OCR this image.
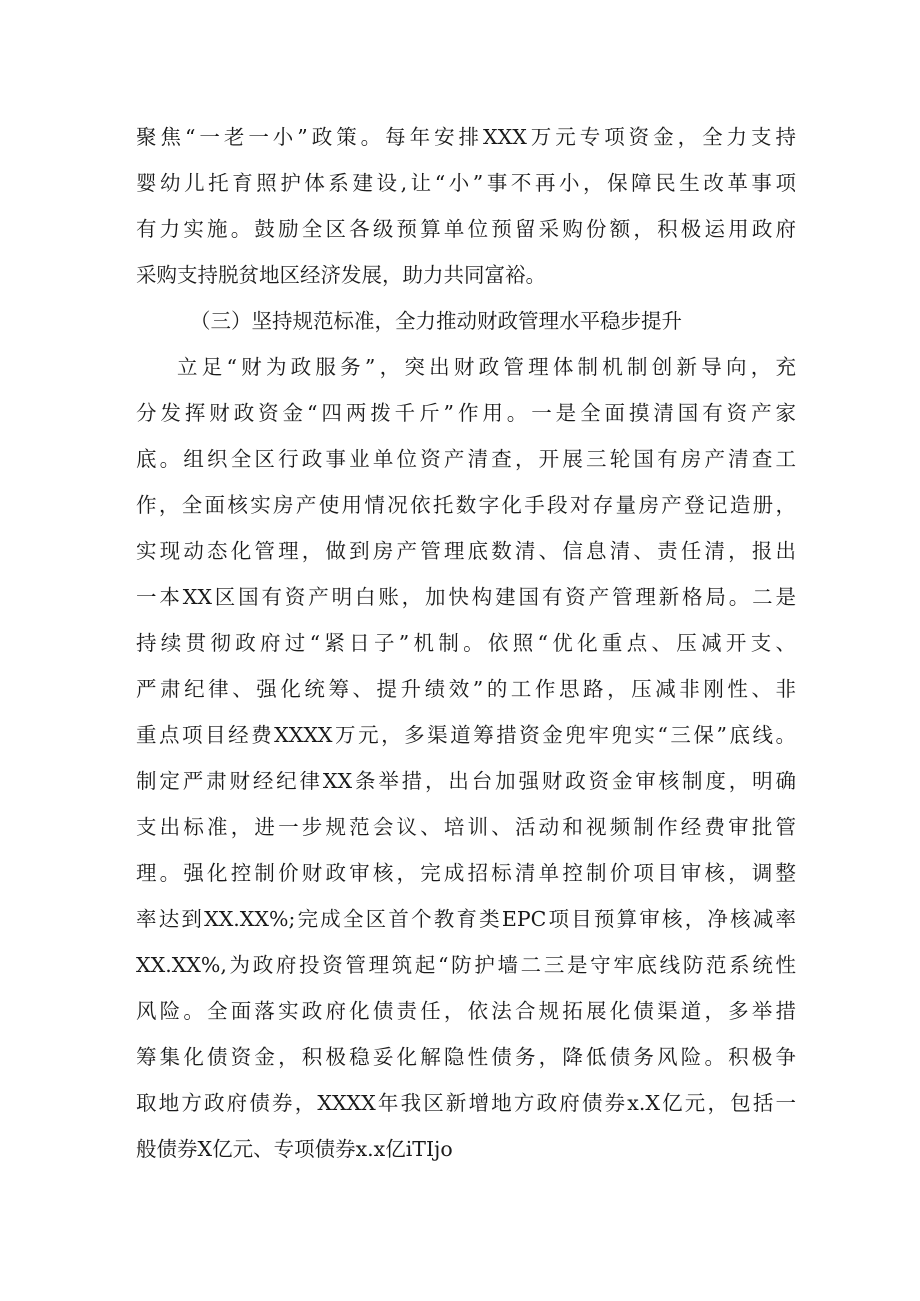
聚焦“一老一小”政策。每年安排XXX万元专项资金，全力支持
婴幼儿托育照护体系建设,让“小”事不再小，保障民生改革事项
有力实施。鼓励全区各级预算单位预留采购份额，积极运用政府
采购支持脱贫地区经济发展，助力共同富裕。
（三）坚持规范标准，全力推动财政管理水平稳步提升
立足“财为政服务”，突出财政管理体制机制创新导向，充
分发挥财政资金“四两拨千斤”作用。一是全面摸清国有资产家
底。组织全区行政事业单位资产清查，开展三轮国有房产清查工
作，全面核实房产使用情况依托数字化手段对存量房产登记造册，
实现动态化管理，做到房产管理底数清、信息清、责任清，报出
一本XX区国有资产明白账，加快构建国有资产管理新格局。二是
持续贯彻政府过“紧日子”机制。依照“优化重点、压减开支、
严肃纪律、强化统筹、提升绩效”的工作思路，压减非刚性、非
重点项目经费XXXX万元，多渠道筹措资金兜牢兜实“三保”底线。
制定严肃财经纪律XX条举措，出台加强财政资金审核制度，明确
支出标准，进一步规范会议、培训、活动和视频制作经费审批管
理。强化控制价财政审核，完成招标清单控制价项目审核，调整
率达到XX.XX%;完成全区首个教育类EPC项目预算审核，净核减率
XX.XX%,为政府投资管理筑起“防护墙二三是守牢底线防范系统性
风险。全面落实政府化债责任，依法合规拓展化债渠道，多举措
筹集化债资金，积极稳妥化解隐性债务，降低债务风险。积极争
取地方政府债券，XXXX年我区新增地方政府债券x.X亿元，包括一
般债券X亿元、专项债券x.x亿iTIjo
